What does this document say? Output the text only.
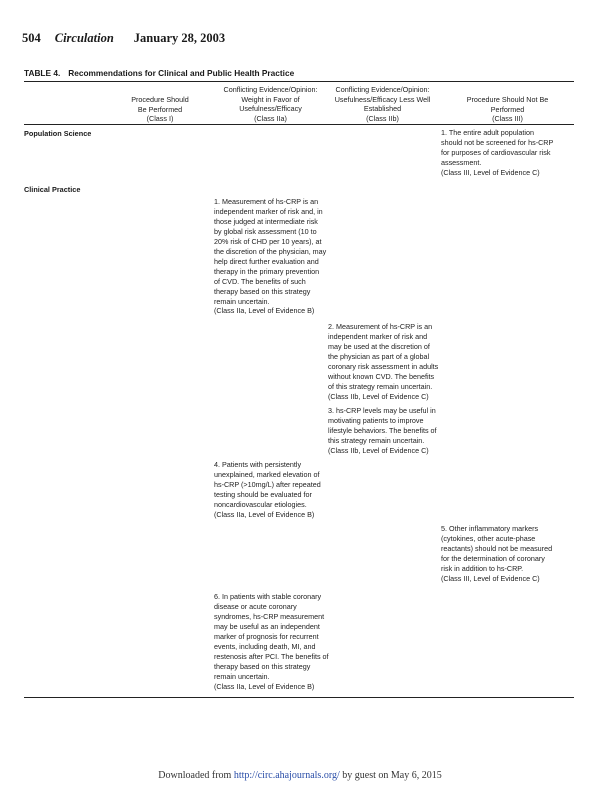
504 Circulation January 28, 2003
TABLE 4. Recommendations for Clinical and Public Health Practice
Procedure Should
Be Performed
(Class I)
Conflicting Evidence/Opinion:
Weight in Favor of
Usefulness/Efficacy
(Class IIa)
Conflicting Evidence/Opinion:
Usefulness/Efficacy Less Well
Established
(Class IIb)
Procedure Should Not Be
Performed
(Class III)
Population Science
Clinical Practice
1. The entire adult population
should not be screened for hs-CRP
for purposes of cardiovascular risk
assessment.
(Class III, Level of Evidence C)
1. Measurement of hs-CRP is an
independent marker of risk and, in
those judged at intermediate risk
by global risk assessment (10 to
20% risk of CHD per 10 years), at
the discretion of the physician, may
help direct further evaluation and
therapy in the primary prevention
of CVD. The benefits of such
therapy based on this strategy
remain uncertain.
(Class IIa, Level of Evidence B)
2. Measurement of hs-CRP is an
independent marker of risk and
may be used at the discretion of
the physician as part of a global
coronary risk assessment in adults
without known CVD. The benefits
of this strategy remain uncertain.
(Class IIb, Level of Evidence C)
3. hs-CRP levels may be useful in
motivating patients to improve
lifestyle behaviors. The benefits of
this strategy remain uncertain.
(Class IIb, Level of Evidence C)
4. Patients with persistently
unexplained, marked elevation of
hs-CRP (>10mg/L) after repeated
testing should be evaluated for
noncardiovascular etiologies.
(Class IIa, Level of Evidence B)
5. Other inflammatory markers
(cytokines, other acute-phase
reactants) should not be measured
for the determination of coronary
risk in addition to hs-CRP.
(Class III, Level of Evidence C)
6. In patients with stable coronary
disease or acute coronary
syndromes, hs-CRP measurement
may be useful as an independent
marker of prognosis for recurrent
events, including death, MI, and
restenosis after PCI. The benefits of
therapy based on this strategy
remain uncertain.
(Class IIa, Level of Evidence B)
Downloaded from http://circ.ahajournals.org/ by guest on May 6, 2015
